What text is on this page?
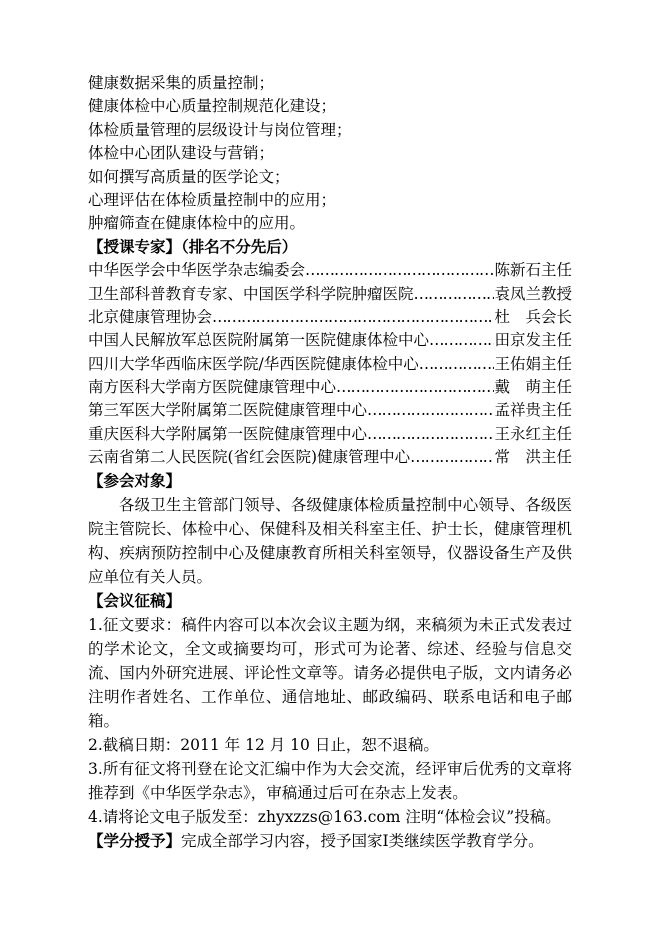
健康数据采集的质量控制；
健康体检中心质量控制规范化建设；
体检质量管理的层级设计与岗位管理；
体检中心团队建设与营销；
如何撰写高质量的医学论文；
心理评估在体检质量控制中的应用；
肿瘤筛查在健康体检中的应用。
【授课专家】（排名不分先后）
中华医学会中华医学杂志编委会 ……………………………………………………………………………………………………	陈新石主任
卫生部科普教育专家、中国医学科学院肿瘤医院 ……………………………………………………………………………………………………	袁凤兰教授
北京健康管理协会 ……………………………………………………………………………………………………	杜　兵会长
中国人民解放军总医院附属第一医院健康体检中心 ……………………………………………………………………………………………………	田京发主任
四川大学华西临床医学院/华西医院健康体检中心 ……………………………………………………………………………………………………	王佑娟主任
南方医科大学南方医院健康管理中心 ……………………………………………………………………………………………………	戴　萌主任
第三军医大学附属第二医院健康管理中心 ……………………………………………………………………………………………………	孟祥贵主任
重庆医科大学附属第一医院健康管理中心 ……………………………………………………………………………………………………	王永红主任
云南省第二人民医院(省红会医院)健康管理中心 ……………………………………………………………………………………………………	常　洪主任
【参会对象】
各级卫生主管部门领导、各级健康体检质量控制中心领导、各级医院主管院长、体检中心、保健科及相关科室主任、护士长，健康管理机构、疾病预防控制中心及健康教育所相关科室领导，仪器设备生产及供应单位有关人员。
【会议征稿】
1.征文要求：稿件内容可以本次会议主题为纲，来稿须为未正式发表过的学术论文，全文或摘要均可，形式可为论著、综述、经验与信息交流、国内外研究进展、评论性文章等。请务必提供电子版，文内请务必注明作者姓名、工作单位、通信地址、邮政编码、联系电话和电子邮箱。
2.截稿日期：2011 年 12 月 10 日止，恕不退稿。
3.所有征文将刊登在论文汇编中作为大会交流，经评审后优秀的文章将推荐到《中华医学杂志》，审稿通过后可在杂志上发表。
4.请将论文电子版发至：zhyxzzs@163.com 注明“体检会议”投稿。
【学分授予】完成全部学习内容，授予国家Ⅰ类继续医学教育学分。
